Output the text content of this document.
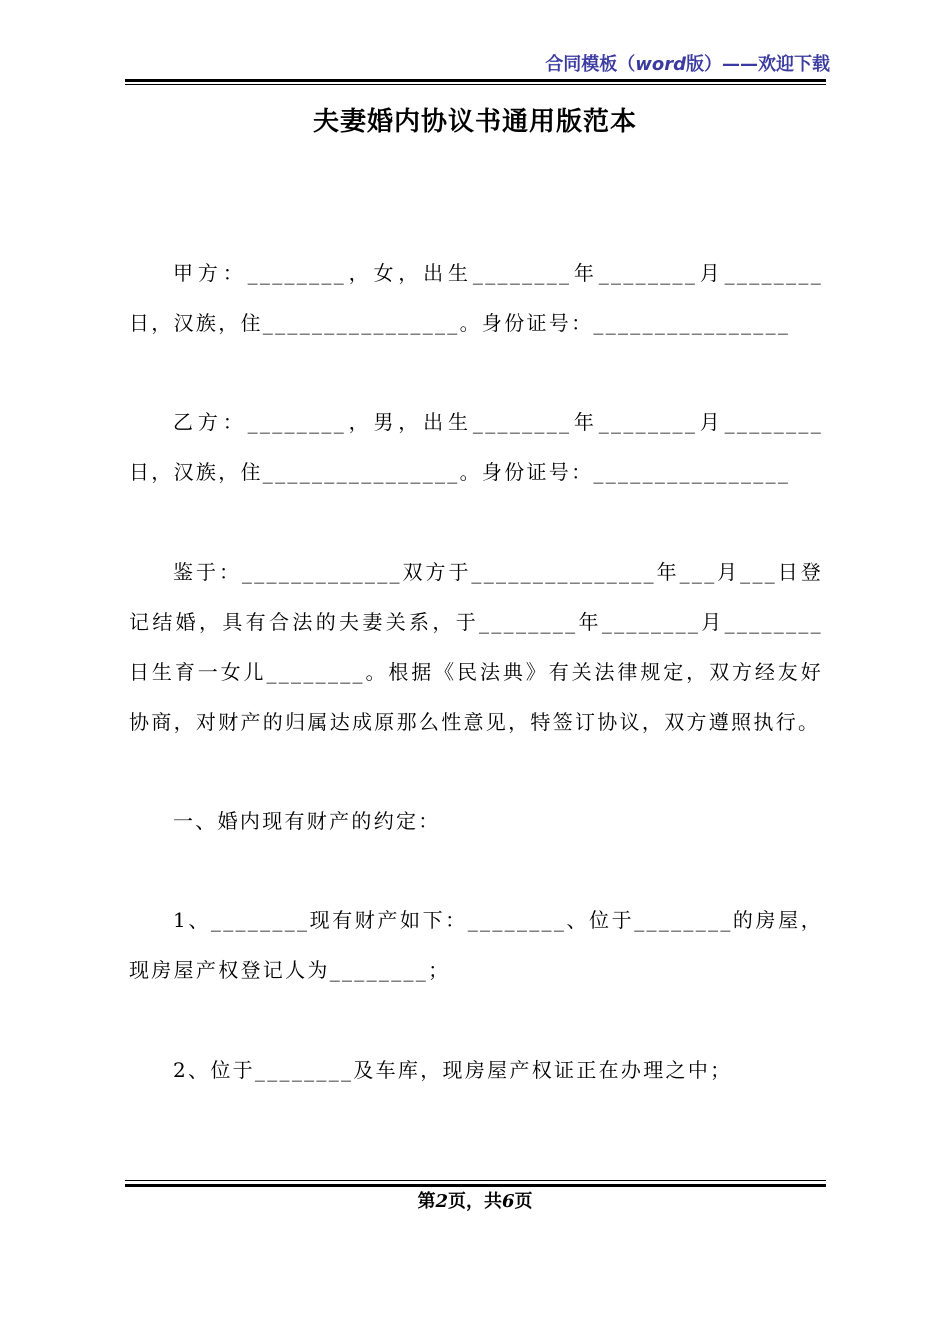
合同模板（word版）——欢迎下载
夫妻婚内协议书通用版范本
甲方：________，女，出生________年________月________日，汉族，住________________。身份证号：________________
乙方：________，男，出生________年________月________日，汉族，住________________。身份证号：________________
鉴于：_____________双方于_______________年___月___日登记结婚，具有合法的夫妻关系，于________年________月________日生育一女儿________。根据《民法典》有关法律规定，双方经友好协商，对财产的归属达成原那么性意见，特签订协议，双方遵照执行。
一、婚内现有财产的约定：
1、________现有财产如下：________、位于________的房屋，现房屋产权登记人为________；
2、位于________及车库，现房屋产权证正在办理之中；
第2页，共6页
